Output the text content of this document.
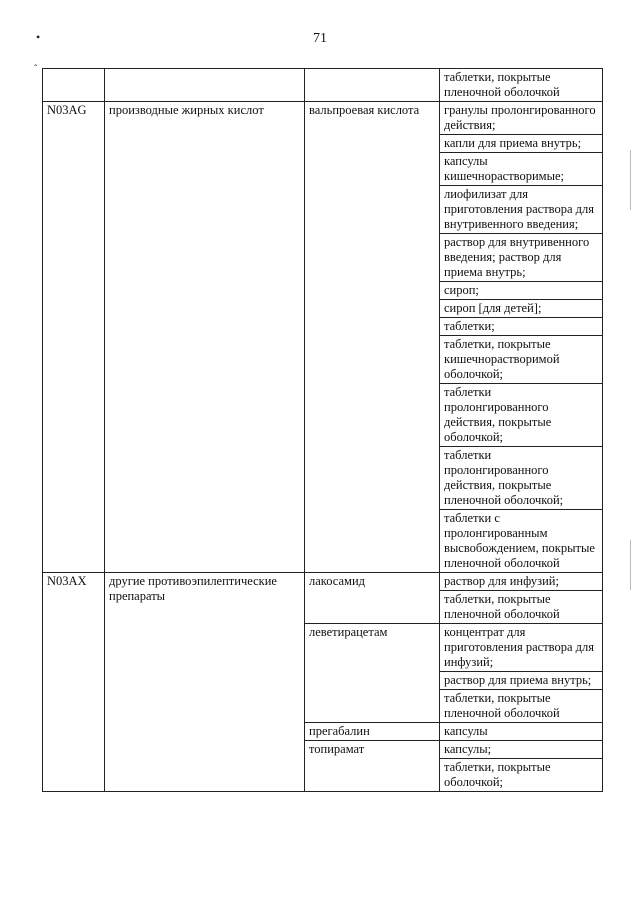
71
•
ˆ
			таблетки, покрытые пленочной оболочкой
N03AG	производные жирных кислот	вальпроевая кислота	гранулы пролонгированного действия;
			капли для приема внутрь;
			капсулы кишечнорастворимые;
			лиофилизат для приготовления раствора для внутривенного введения;
			раствор для внутривенного введения; раствор для приема внутрь;
			сироп;
			сироп [для детей];
			таблетки;
			таблетки, покрытые кишечнорастворимой оболочкой;
			таблетки пролонгированного действия, покрытые оболочкой;
			таблетки пролонгированного действия, покрытые пленочной оболочкой;
			таблетки с пролонгированным высвобождением, покрытые пленочной оболочкой
N03AX	другие противоэпилептические препараты	лакосамид	раствор для инфузий;
			таблетки, покрытые пленочной оболочкой
		леветирацетам	концентрат для приготовления раствора для инфузий;
			раствор для приема внутрь;
			таблетки, покрытые пленочной оболочкой
		прегабалин	капсулы
		топирамат	капсулы;
			таблетки, покрытые оболочкой;
